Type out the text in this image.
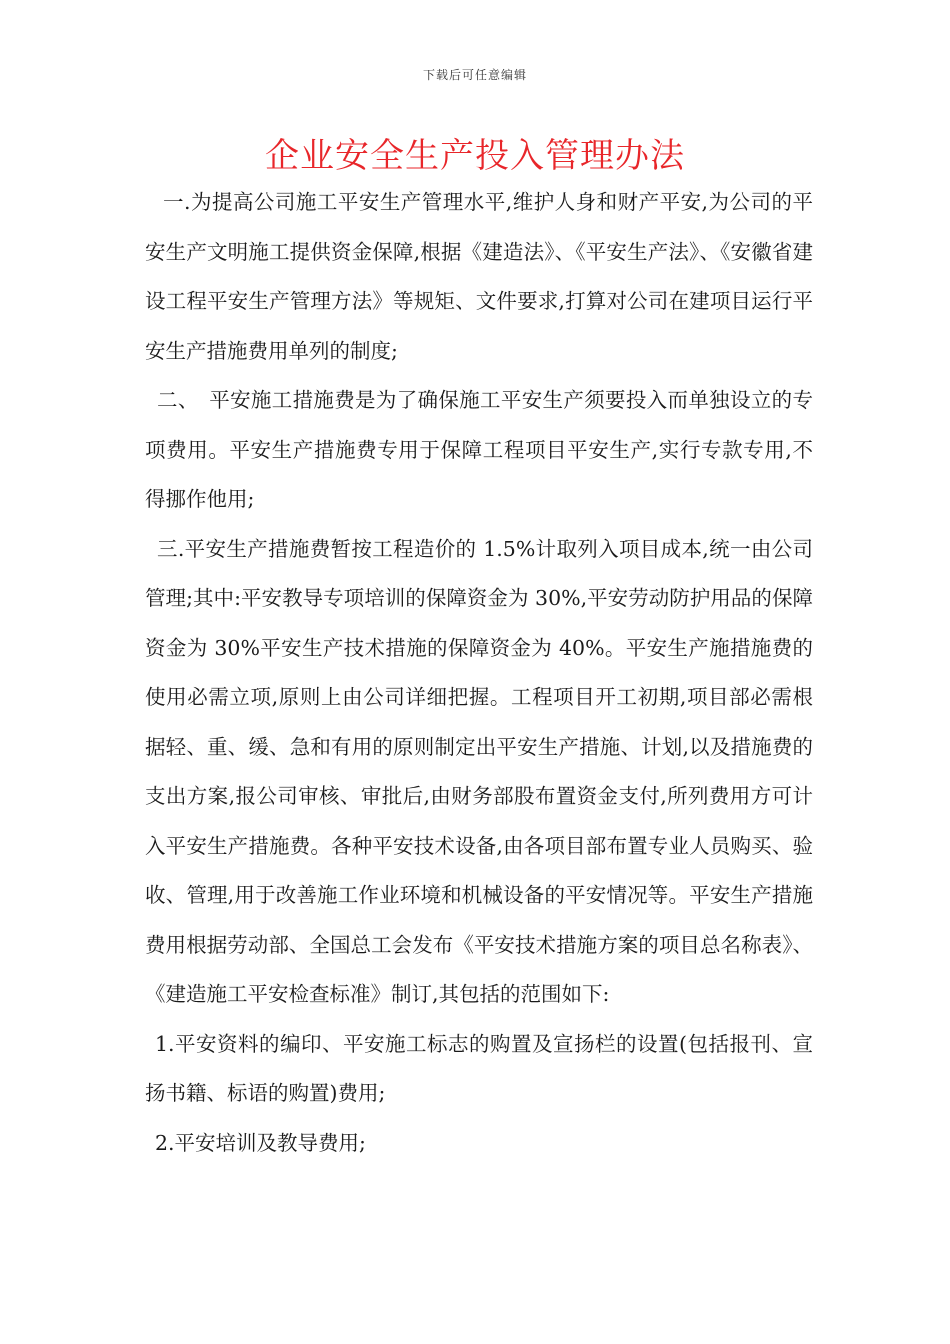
下载后可任意编辑
企业安全生产投入管理办法

一.为提高公司施工平安生产管理水平,维护人身和财产平安,为公司的平安生产文明施工提供资金保障,根据《建造法》、《平安生产法》、《安徽省建设工程平安生产管理方法》等规矩、文件要求,打算对公司在建项目运行平安生产措施费用单列的制度;

二、　平安施工措施费是为了确保施工平安生产须要投入而单独设立的专项费用。平安生产措施费专用于保障工程项目平安生产,实行专款专用,不得挪作他用;

三.平安生产措施费暂按工程造价的 1.5%计取列入项目成本,统一由公司管理;其中:平安教导专项培训的保障资金为 30%,平安劳动防护用品的保障资金为 30%平安生产技术措施的保障资金为 40%。平安生产施措施费的使用必需立项,原则上由公司详细把握。工程项目开工初期,项目部必需根据轻、重、缓、急和有用的原则制定出平安生产措施、计划,以及措施费的支出方案,报公司审核、审批后,由财务部股布置资金支付,所列费用方可计入平安生产措施费。各种平安技术设备,由各项目部布置专业人员购买、验收、管理,用于改善施工作业环境和机械设备的平安情况等。平安生产措施费用根据劳动部、全国总工会发布《平安技术措施方案的项目总名称表》、《建造施工平安检查标准》制订,其包括的范围如下:

1.平安资料的编印、平安施工标志的购置及宣扬栏的设置(包括报刊、宣扬书籍、标语的购置)费用;

2.平安培训及教导费用;
